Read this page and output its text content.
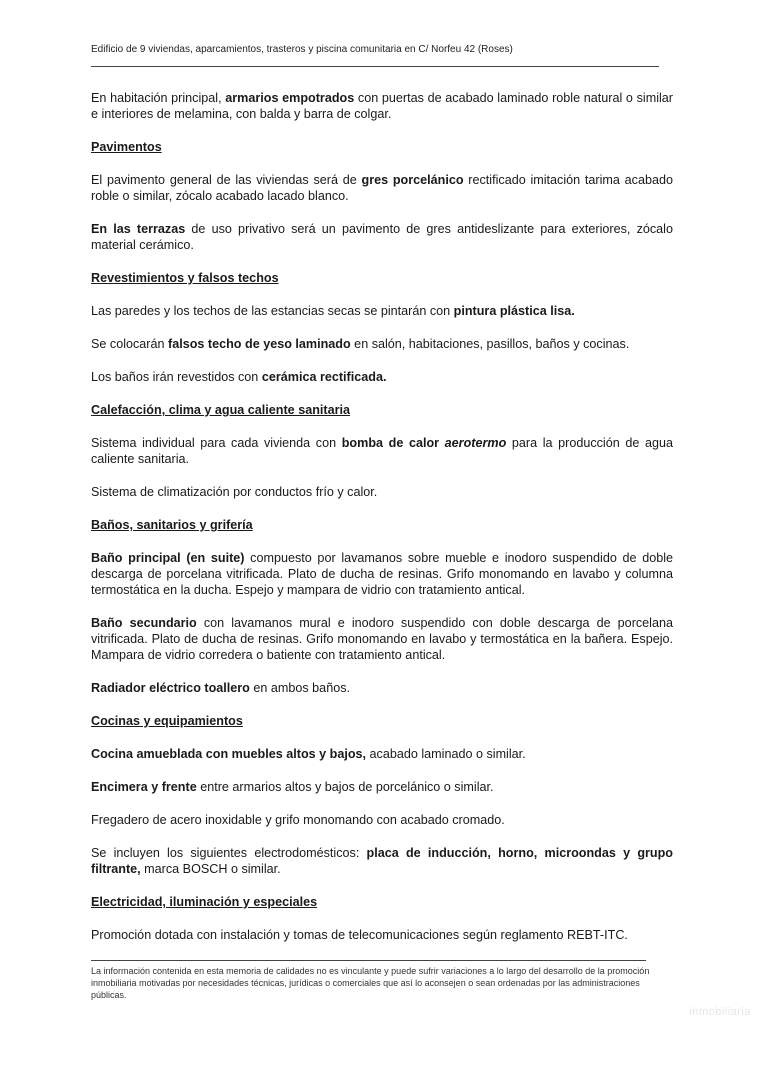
Edificio de 9 viviendas, aparcamientos, trasteros y piscina comunitaria en C/ Norfeu 42 (Roses)

En habitación principal, armarios empotrados con puertas de acabado laminado roble natural o similar e interiores de melamina, con balda y barra de colgar.

Pavimentos

El pavimento general de las viviendas será de gres porcelánico rectificado imitación tarima acabado roble o similar, zócalo acabado lacado blanco.

En las terrazas de uso privativo será un pavimento de gres antideslizante para exteriores, zócalo material cerámico.

Revestimientos y falsos techos

Las paredes y los techos de las estancias secas se pintarán con pintura plástica lisa.

Se colocarán falsos techo de yeso laminado en salón, habitaciones, pasillos, baños y cocinas.

Los baños irán revestidos con cerámica rectificada.

Calefacción, clima y agua caliente sanitaria

Sistema individual para cada vivienda con bomba de calor aerotermo para la producción de agua caliente sanitaria.

Sistema de climatización por conductos frío y calor.

Baños, sanitarios y grifería

Baño principal (en suite) compuesto por lavamanos sobre mueble e inodoro suspendido de doble descarga de porcelana vitrificada. Plato de ducha de resinas. Grifo monomando en lavabo y columna termostática en la ducha. Espejo y mampara de vidrio con tratamiento antical.

Baño secundario con lavamanos mural e inodoro suspendido con doble descarga de porcelana vitrificada. Plato de ducha de resinas. Grifo monomando en lavabo y termostática en la bañera. Espejo. Mampara de vidrio corredera o batiente con tratamiento antical.

Radiador eléctrico toallero en ambos baños.

Cocinas y equipamientos

Cocina amueblada con muebles altos y bajos, acabado laminado o similar.

Encimera y frente entre armarios altos y bajos de porcelánico o similar.

Fregadero de acero inoxidable y grifo monomando con acabado cromado.

Se incluyen los siguientes electrodomésticos: placa de inducción, horno, microondas y grupo filtrante, marca BOSCH o similar.

Electricidad, iluminación y especiales

Promoción dotada con instalación y tomas de telecomunicaciones según reglamento REBT-ITC.

La información contenida en esta memoria de calidades no es vinculante y puede sufrir variaciones a lo largo del desarrollo de la promoción inmobiliaria motivadas por necesidades técnicas, jurídicas o comerciales que así lo aconsejen o sean ordenadas por las administraciones públicas.
inmobiliaria
